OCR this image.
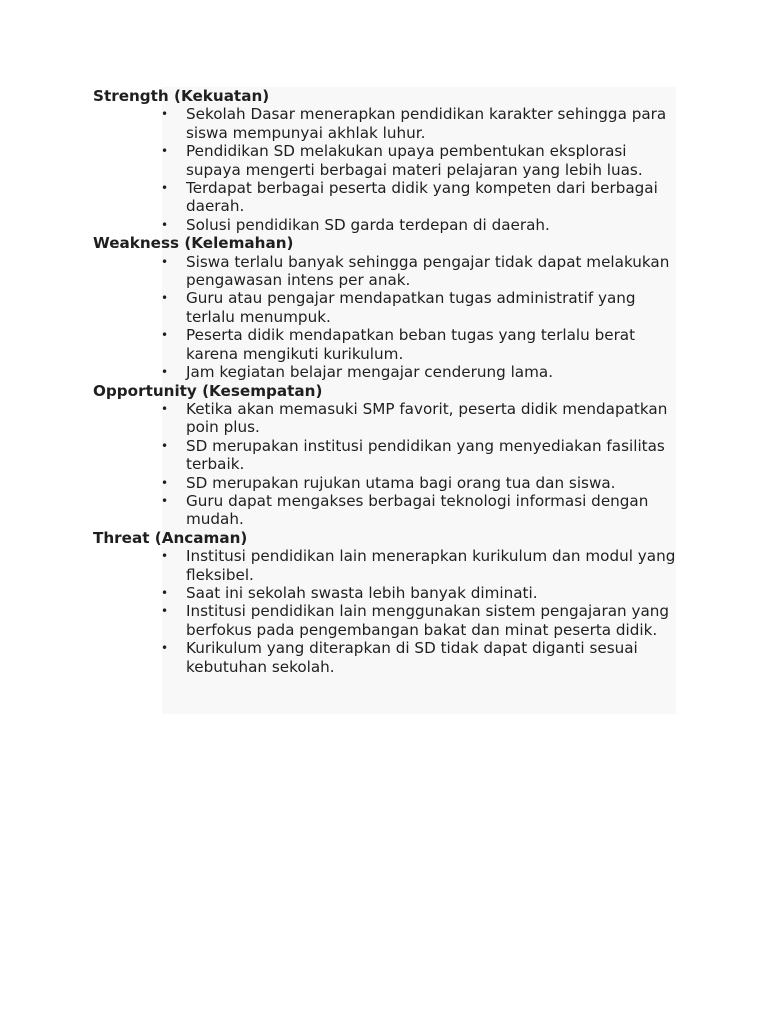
Strength (Kekuatan)

• Sekolah Dasar menerapkan pendidikan karakter sehingga para siswa mempunyai akhlak luhur.
• Pendidikan SD melakukan upaya pembentukan eksplorasi supaya mengerti berbagai materi pelajaran yang lebih luas.
• Terdapat berbagai peserta didik yang kompeten dari berbagai daerah.
• Solusi pendidikan SD garda terdepan di daerah.

Weakness (Kelemahan)

• Siswa terlalu banyak sehingga pengajar tidak dapat melakukan pengawasan intens per anak.
• Guru atau pengajar mendapatkan tugas administratif yang terlalu menumpuk.
• Peserta didik mendapatkan beban tugas yang terlalu berat karena mengikuti kurikulum.
• Jam kegiatan belajar mengajar cenderung lama.

Opportunity (Kesempatan)

• Ketika akan memasuki SMP favorit, peserta didik mendapatkan poin plus.
• SD merupakan institusi pendidikan yang menyediakan fasilitas terbaik.
• SD merupakan rujukan utama bagi orang tua dan siswa.
• Guru dapat mengakses berbagai teknologi informasi dengan mudah.

Threat (Ancaman)

• Institusi pendidikan lain menerapkan kurikulum dan modul yang fleksibel.
• Saat ini sekolah swasta lebih banyak diminati.
• Institusi pendidikan lain menggunakan sistem pengajaran yang berfokus pada pengembangan bakat dan minat peserta didik.
• Kurikulum yang diterapkan di SD tidak dapat diganti sesuai kebutuhan sekolah.
